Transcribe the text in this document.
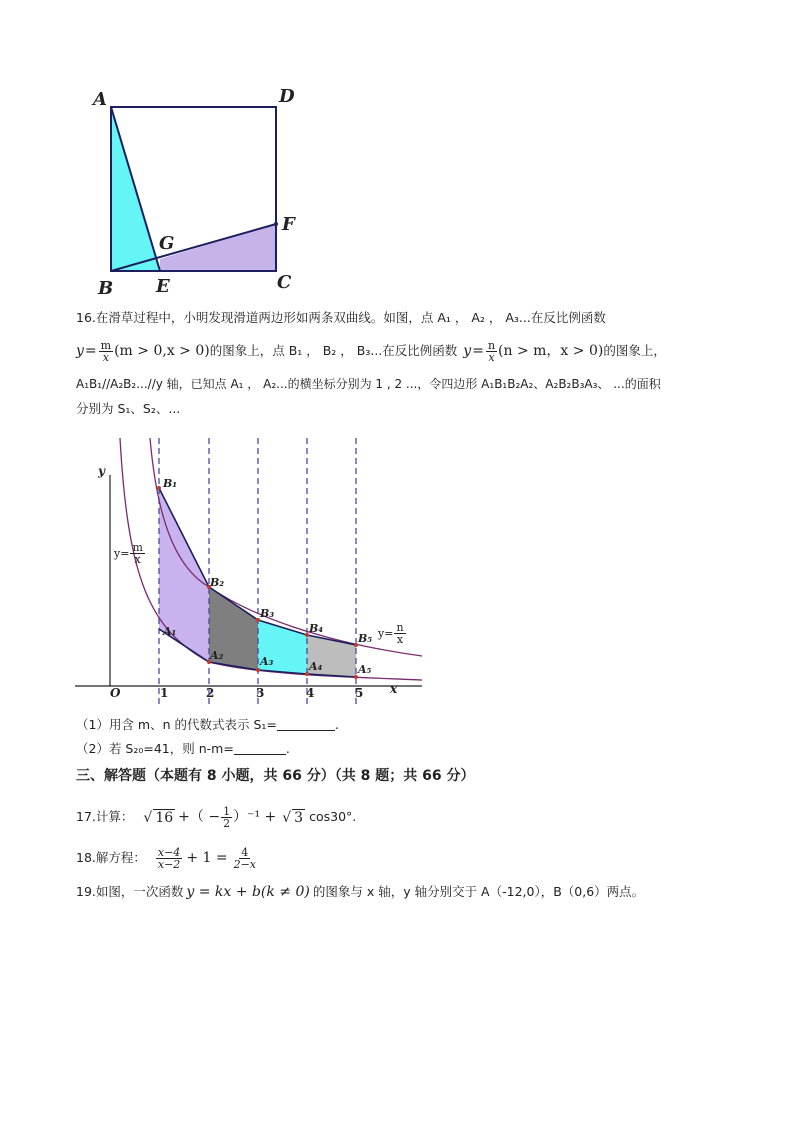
A	D
G
F
B E	C
16.在滑草过程中，小明发现滑道两边形如两条双曲线。如图，点 A₁ ， A₂ ， A₃...在反比例函数
$y = \frac{m}{x} (m > 0,x > 0)$ 的图象上，点 B₁ ， B₂ ， B₃...在反比例函数 $y = \frac{n}{x} (n > m$，x > 0) 的图象上，
A₁B₁//A₂B₂...//y 轴，已知点 A₁ ， A₂...的横坐标分别为 1 , 2 ...，令四边形 A₁B₁B₂A₂、A₂B₂B₃A₃、 ...的面积
分别为 S₁、S₂、...
y
x
O	1	2	3	4	5
$y= \frac{m}{x}$
$y= \frac{n}{x}$
B₁
B₂
B₃
B₄
B₅
A₁
A₂	A₃	A₄	A₅
（1）用含 m、n 的代数式表示 S₁=	.
（2）若 S₂₀=41，则 n-m=	.
三、解答题（本题有 8 小题，共 66 分）（共 8 题；共 66 分）
17.计算： √ 16 +（ − $\frac{1}{2} )^{-1}$ + √ 3 cos30°.
18.解方程： $\frac{x-4}{x-2} + 1 = \frac{4}{2-x}$
19.如图，一次函数 y = kx + b(k ≠ 0) 的图象与 x 轴，y 轴分别交于 A（-12,0），B（0,6）两点。
